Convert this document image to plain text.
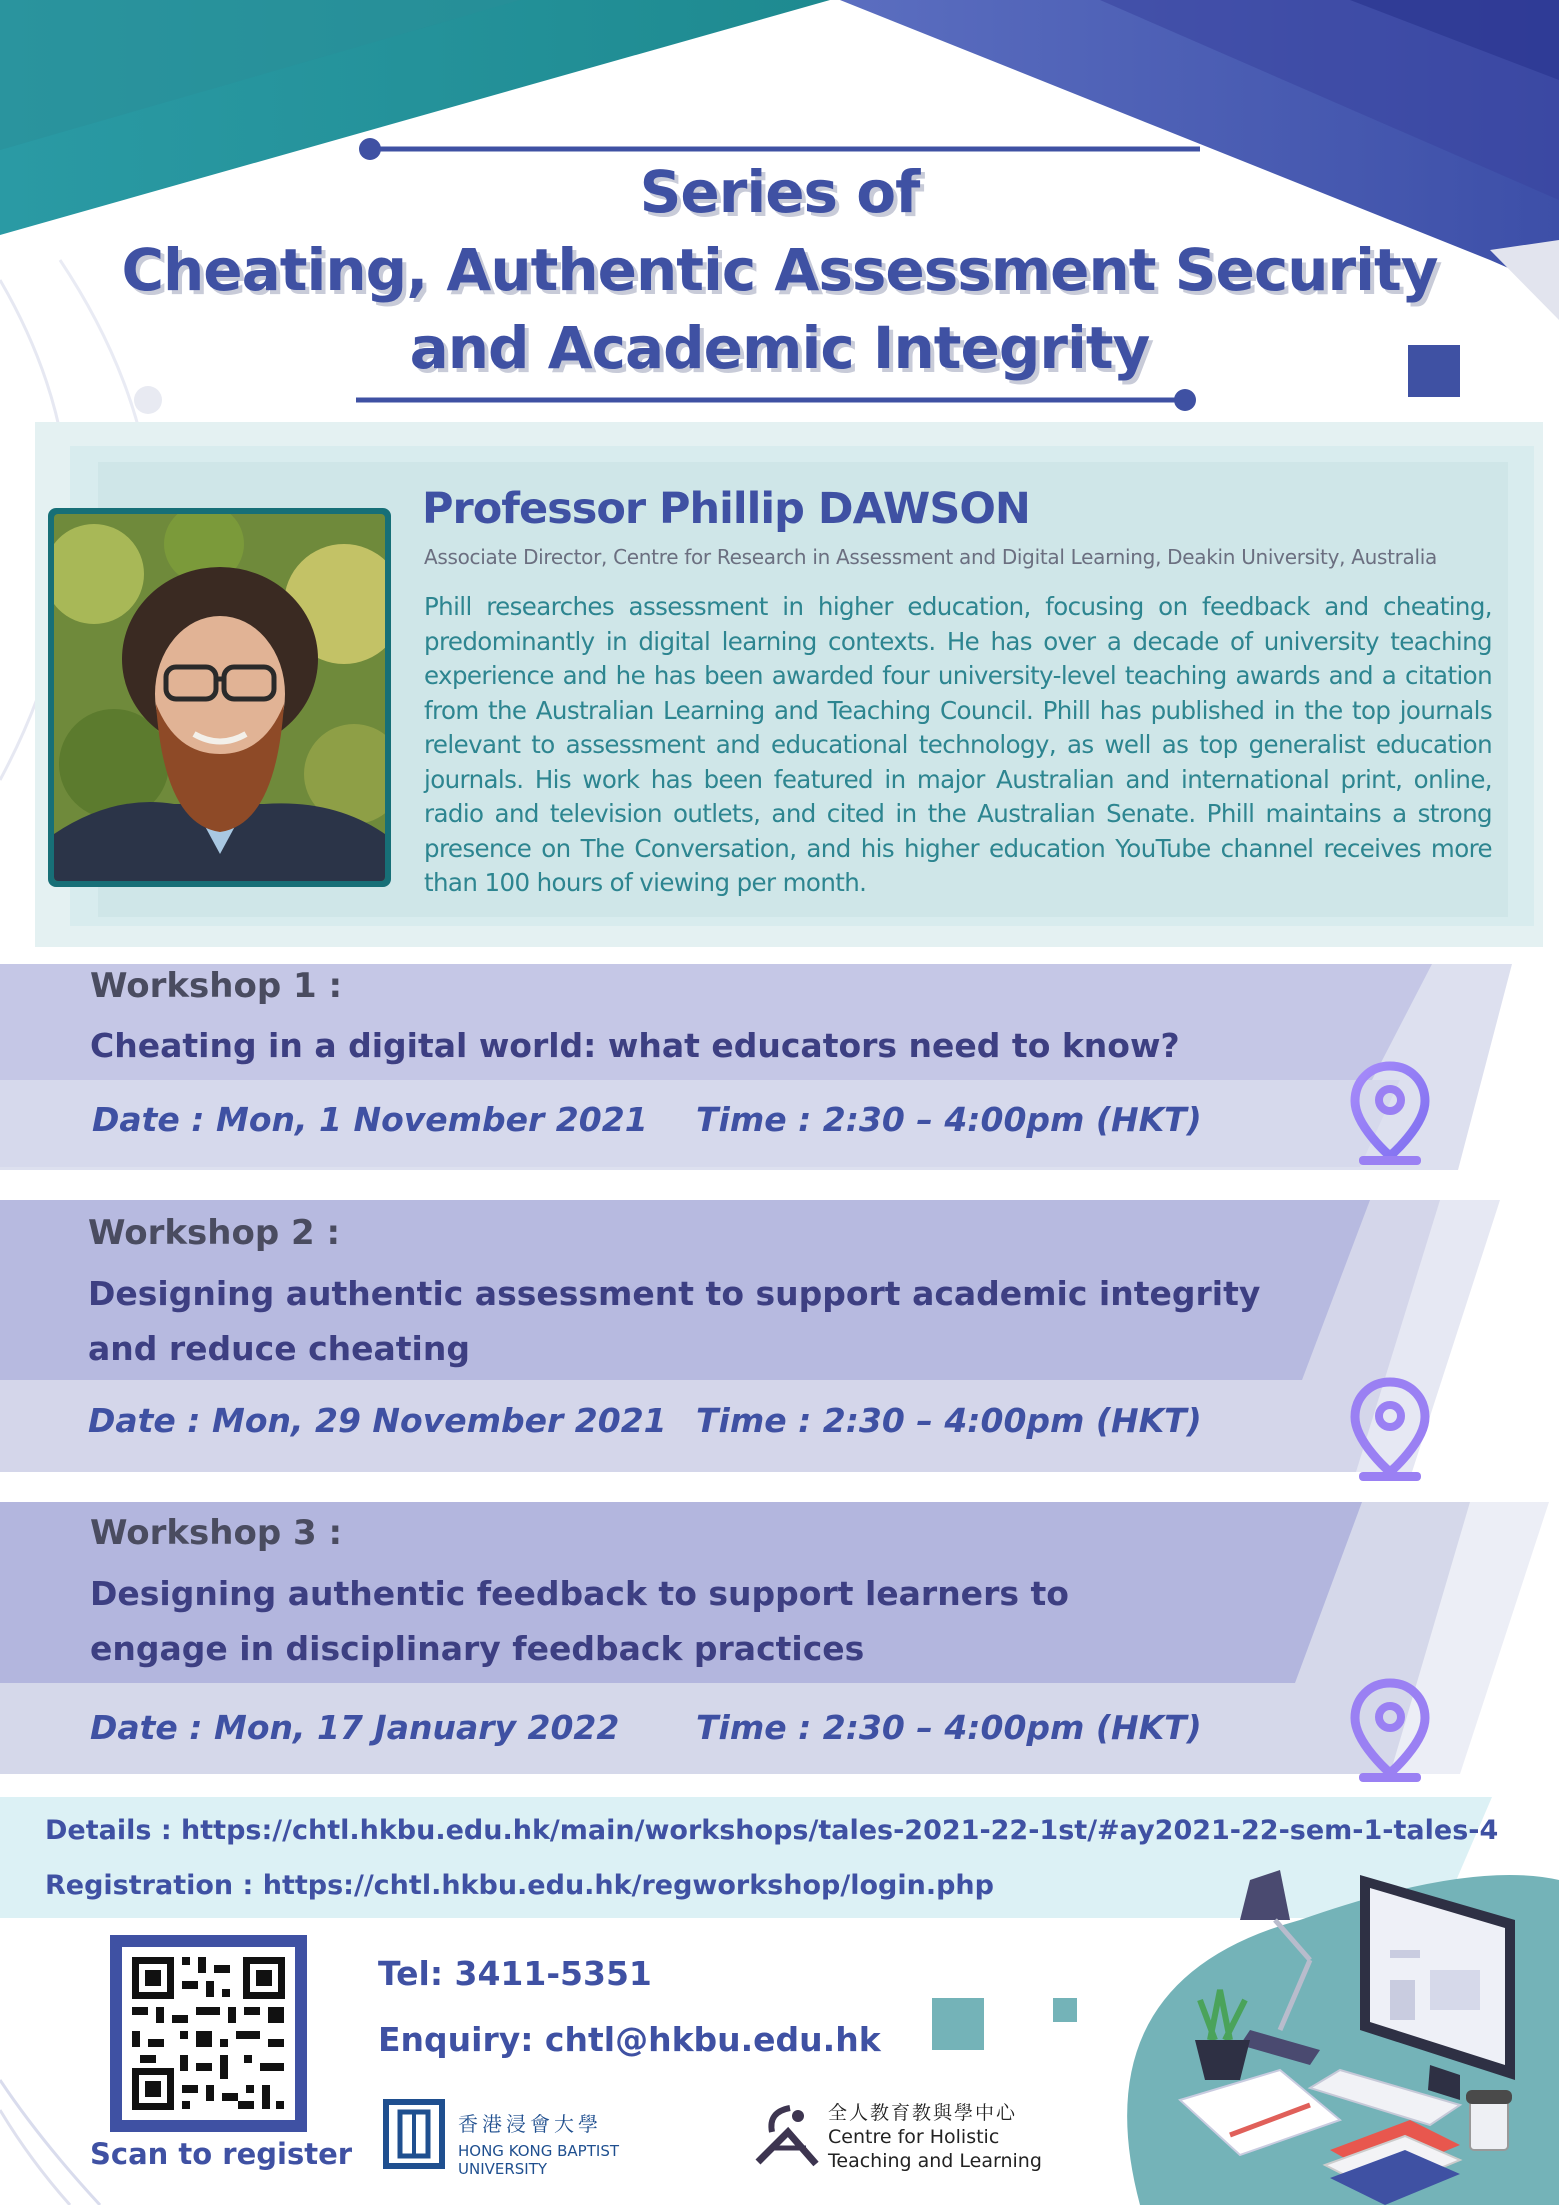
Series of
Cheating, Authentic Assessment Security
and Academic Integrity
Professor Phillip DAWSON
Associate Director, Centre for Research in Assessment and Digital Learning, Deakin University, Australia
Phill researches assessment in higher education, focusing on feedback and cheating, predominantly in digital learning contexts. He has over a decade of university teaching experience and he has been awarded four university-level teaching awards and a citation from the Australian Learning and Teaching Council. Phill has published in the top journals relevant to assessment and educational technology, as well as top generalist education journals. His work has been featured in major Australian and international print, online, radio and television outlets, and cited in the Australian Senate. Phill maintains a strong presence on The Conversation, and his higher education YouTube channel receives more than 100 hours of viewing per month.
Workshop 1 :
Cheating in a digital world: what educators need to know?
Date : Mon, 1 November 2021 Time : 2:30 – 4:00pm (HKT)
Workshop 2 :
Designing authentic assessment to support academic integrity
and reduce cheating
Date : Mon, 29 November 2021 Time : 2:30 – 4:00pm (HKT)
Workshop 3 :
Designing authentic feedback to support learners to
engage in disciplinary feedback practices
Date : Mon, 17 January 2022 Time : 2:30 – 4:00pm (HKT)
Details : https://chtl.hkbu.edu.hk/main/workshops/tales-2021-22-1st/#ay2021-22-sem-1-tales-4
Registration : https://chtl.hkbu.edu.hk/regworkshop/login.php
Scan to register
Tel: 3411-5351
Enquiry: chtl@hkbu.edu.hk
香港浸會大學
HONG KONG BAPTIST UNIVERSITY
全人教育教與學中心
Centre for Holistic
Teaching and Learning
